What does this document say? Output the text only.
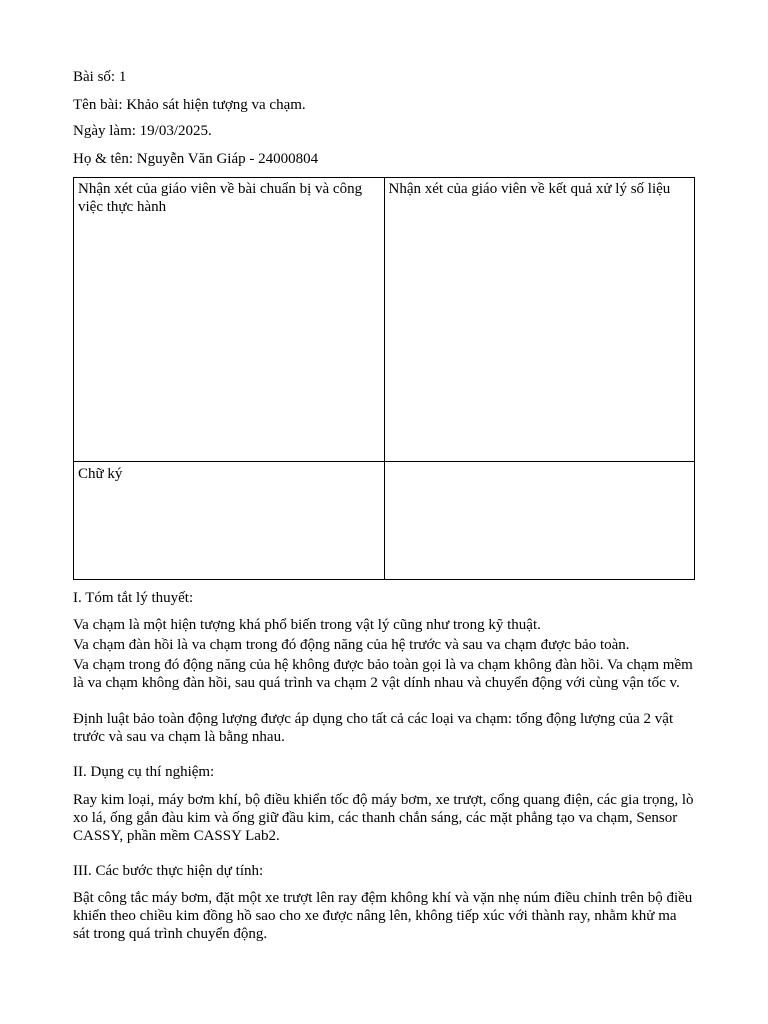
Bài số: 1
Tên bài: Khảo sát hiện tượng va chạm.
Ngày làm: 19/03/2025.
Họ & tên: Nguyễn Văn Giáp - 24000804
Nhận xét của giáo viên về bài chuẩn bị và công việc thực hành	Nhận xét của giáo viên về kết quả xử lý số liệu
Chữ ký	
I. Tóm tắt lý thuyết:
Va chạm là một hiện tượng khá phổ biến trong vật lý cũng như trong kỹ thuật.
Va chạm đàn hồi là va chạm trong đó động năng của hệ trước và sau va chạm được bảo toàn.
Va chạm trong đó động năng của hệ không được bảo toàn gọi là va chạm không đàn hồi. Va chạm mềm là va chạm không đàn hồi, sau quá trình va chạm 2 vật dính nhau và chuyển động với cùng vận tốc v.
Định luật bảo toàn động lượng được áp dụng cho tất cả các loại va chạm: tổng động lượng của 2 vật trước và sau va chạm là bằng nhau.
II. Dụng cụ thí nghiệm:
Ray kim loại, máy bơm khí, bộ điều khiển tốc độ máy bơm, xe trượt, cổng quang điện, các gia trọng, lò xo lá, ống gắn đàu kim và ống giữ đầu kim, các thanh chắn sáng, các mặt phẳng tạo va chạm, Sensor CASSY, phần mềm CASSY Lab2.
III. Các bước thực hiện dự tính:
Bật công tắc máy bơm, đặt một xe trượt lên ray đệm không khí và vặn nhẹ núm điều chỉnh trên bộ điều khiển theo chiều kim đồng hồ sao cho xe được nâng lên, không tiếp xúc với thành ray, nhằm khử ma sát trong quá trình chuyển động.
